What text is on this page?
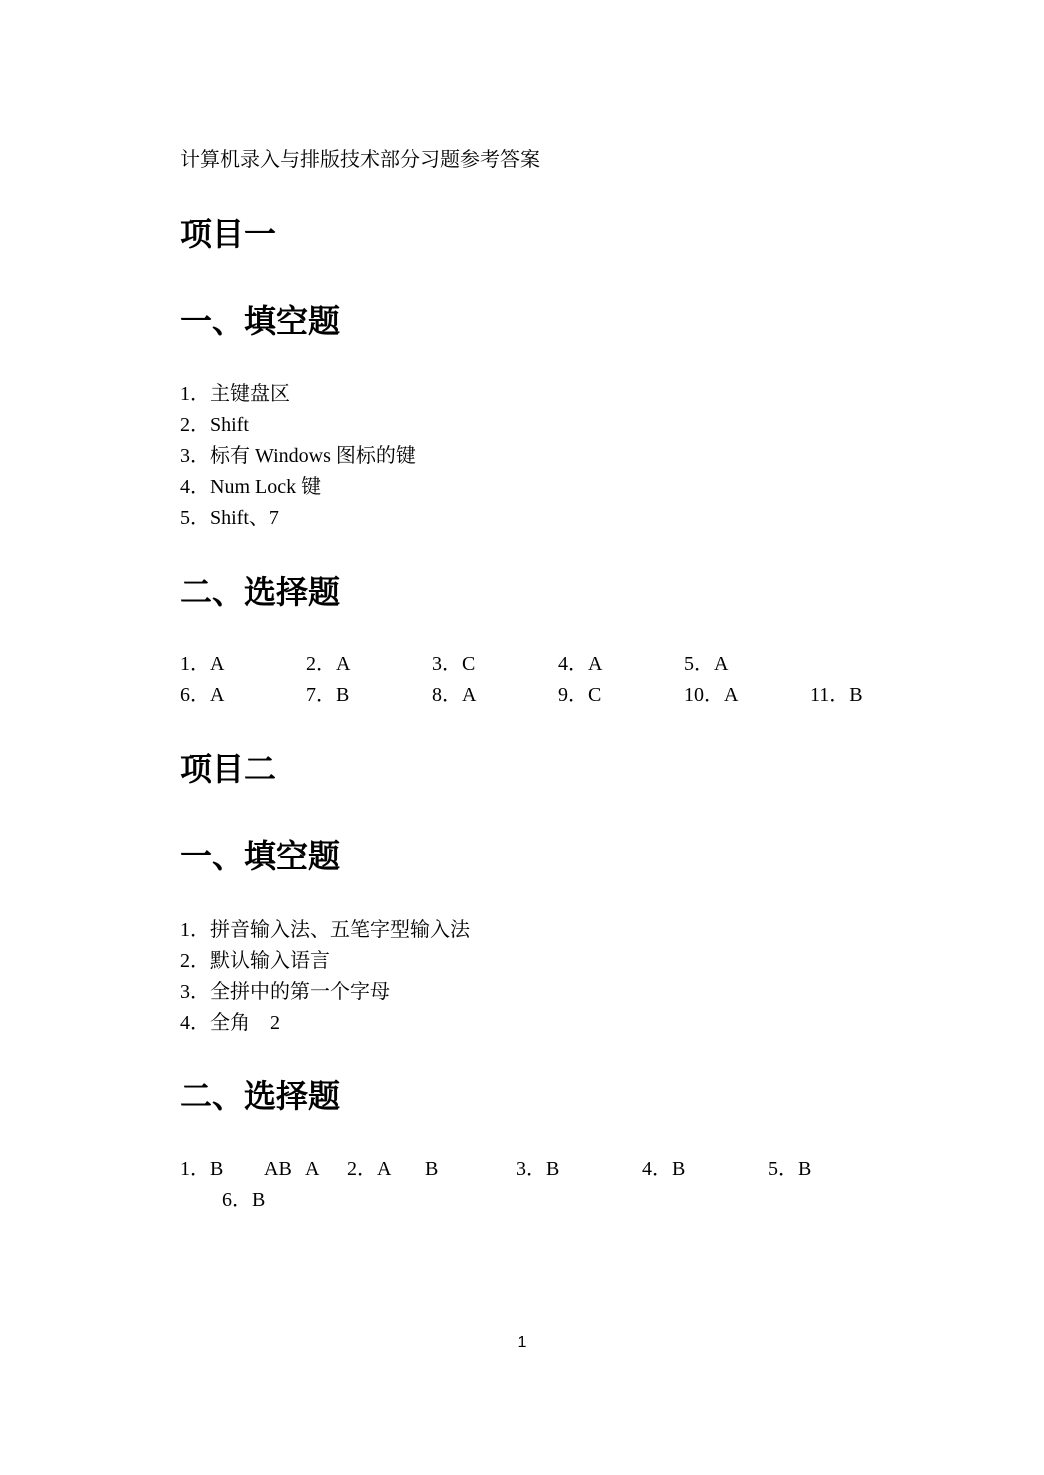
计算机录入与排版技术部分习题参考答案
项目一
一、填空题
1．主键盘区
2．Shift
3．标有 Windows 图标的键
4．Num Lock 键
5．Shift、7
二、选择题
1．A	2．A	3．C	4．A	5．A
6．A	7．B	8．A	9．C	10．A	11．B
项目二
一、填空题
1．拼音输入法、五笔字型输入法
2．默认输入语言
3．全拼中的第一个字母
4．全角　2
二、选择题
1．B AB A 2．A B	3．B	4．B	5．B
6．B
1
